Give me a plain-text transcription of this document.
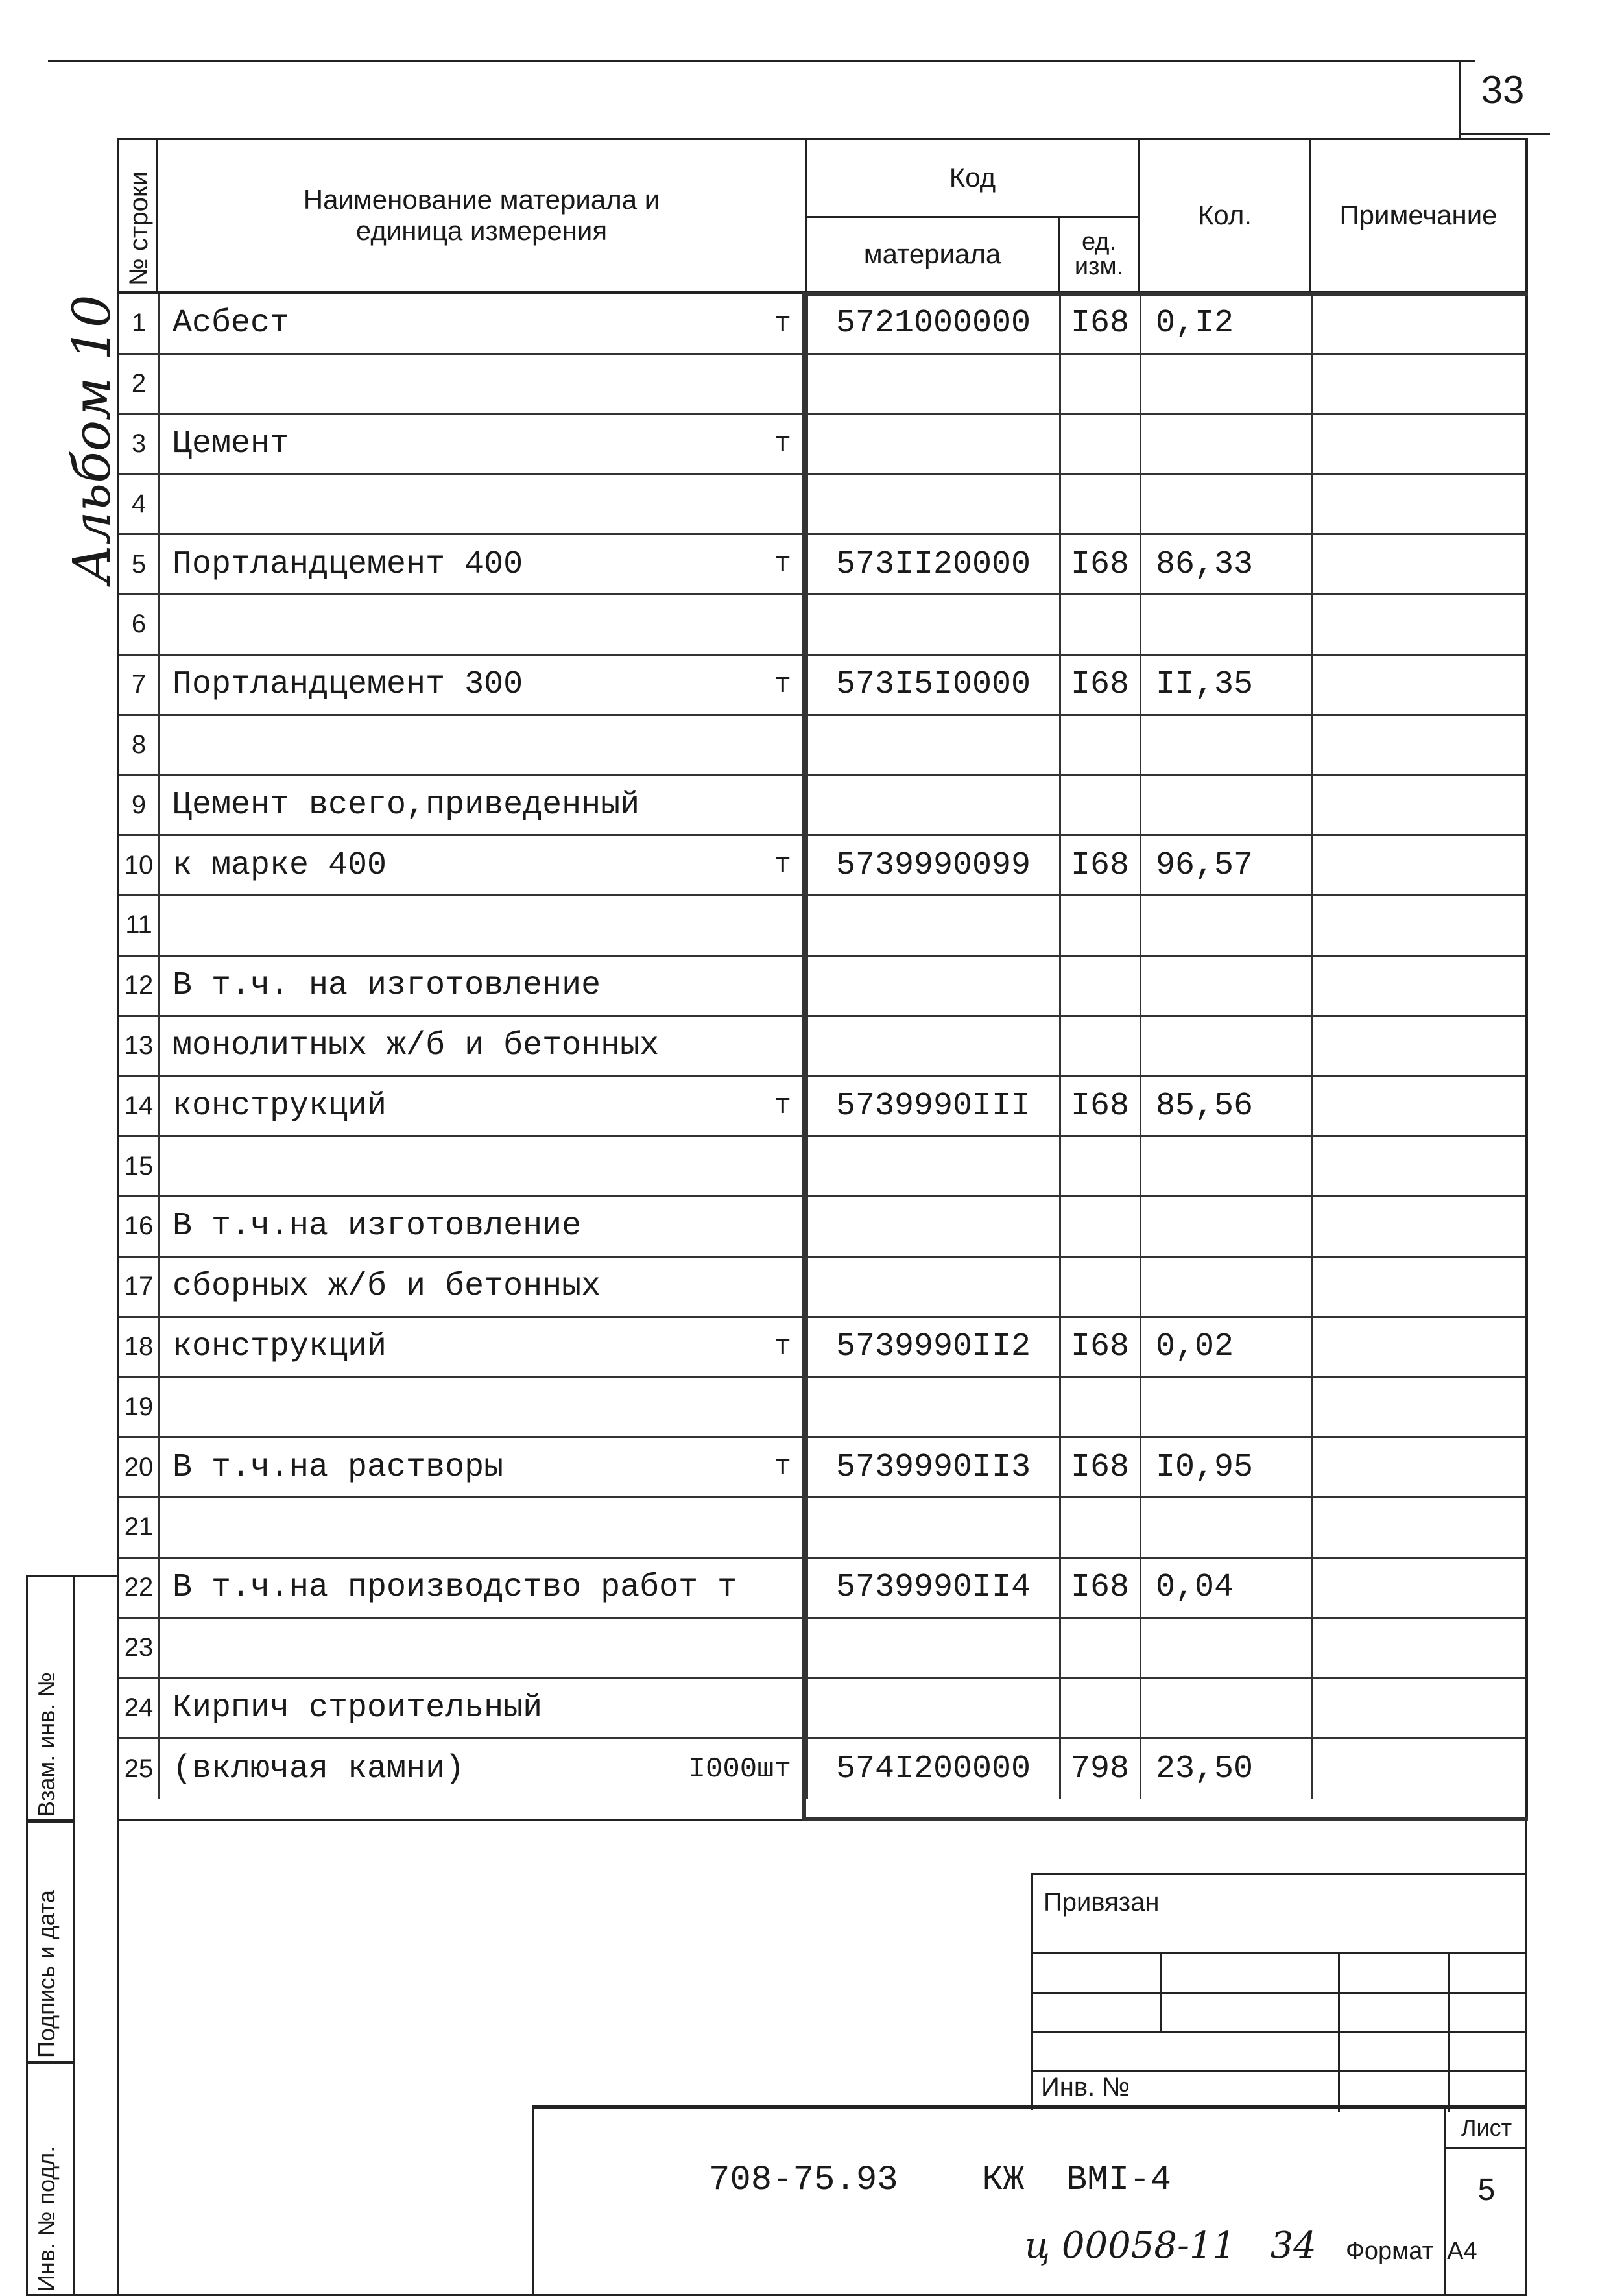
33
Альбом 10
№ строки	Наименование материала и
единица измерения
Код
материала	ед.
изм.
Кол.	Примечание
1 Асбест	т	5721000000	I68 0,I2
2
3 Цемент	т
4
5 Портландцемент 400	т	573II20000	I68 86,33
6
7 Портландцемент 300	т	573I5I0000	I68 II,35
8
9 Цемент всего,приведенный
10 к марке 400	т	5739990099	I68 96,57
11
12 В т.ч. на изготовление
13 монолитных ж/б и бетонных
14 конструкций	т	5739990III	I68 85,56
15
16 В т.ч.на изготовление
17 сборных ж/б и бетонных
18 конструкций	т	5739990II2	I68 0,02
19
20 В т.ч.на растворы	т	5739990II3	I68 I0,95
21
22 В т.ч.на производство работ т	5739990II4	I68 0,04
23
24 Кирпич строительный
25 (включая камни)	I000шт	574I200000	798 23,50
Взам. инв. №
Подпись и дата
Инв. № подл.
Привязан
Инв. №
708-75.93    КЖ  ВМI-4
Лист
5
ц 00058-11   34 Формат  А4
